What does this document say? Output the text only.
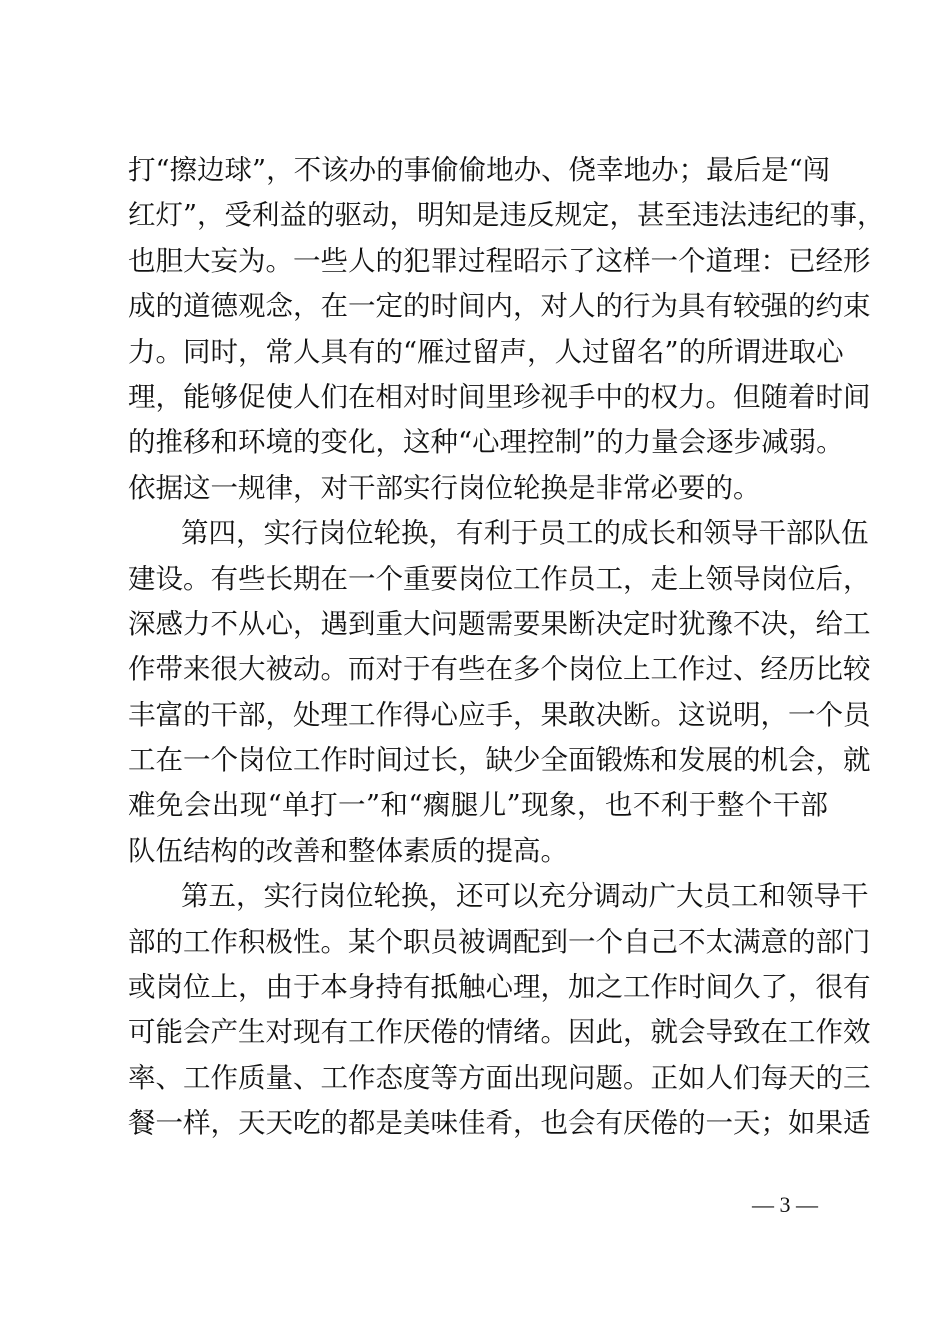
打“擦边球”，不该办的事偷偷地办、侥幸地办；最后是“闯
红灯”，受利益的驱动，明知是违反规定，甚至违法违纪的事，
也胆大妄为。一些人的犯罪过程昭示了这样一个道理：已经形
成的道德观念，在一定的时间内，对人的行为具有较强的约束
力。同时，常人具有的“雁过留声，人过留名”的所谓进取心
理，能够促使人们在相对时间里珍视手中的权力。但随着时间
的推移和环境的变化，这种“心理控制”的力量会逐步减弱。
依据这一规律，对干部实行岗位轮换是非常必要的。
第四，实行岗位轮换，有利于员工的成长和领导干部队伍
建设。有些长期在一个重要岗位工作员工，走上领导岗位后，
深感力不从心，遇到重大问题需要果断决定时犹豫不决，给工
作带来很大被动。而对于有些在多个岗位上工作过、经历比较
丰富的干部，处理工作得心应手，果敢决断。这说明，一个员
工在一个岗位工作时间过长，缺少全面锻炼和发展的机会，就
难免会出现“单打一”和“瘸腿儿”现象，也不利于整个干部
队伍结构的改善和整体素质的提高。
第五，实行岗位轮换，还可以充分调动广大员工和领导干
部的工作积极性。某个职员被调配到一个自己不太满意的部门
或岗位上，由于本身持有抵触心理，加之工作时间久了，很有
可能会产生对现有工作厌倦的情绪。因此，就会导致在工作效
率、工作质量、工作态度等方面出现问题。正如人们每天的三
餐一样，天天吃的都是美味佳肴，也会有厌倦的一天；如果适
— 3 —
